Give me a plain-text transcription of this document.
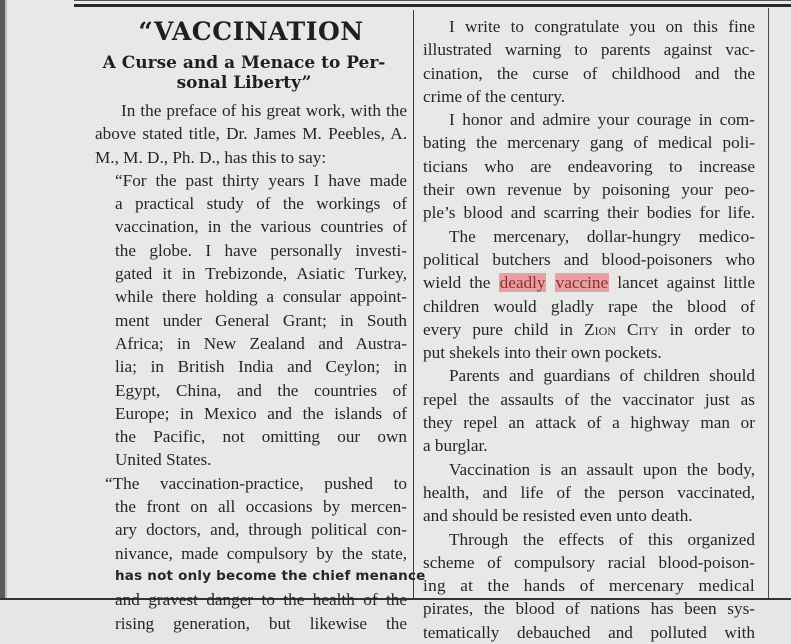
“VACCINATION
A Curse and a Menace to Per-
sonal Liberty”
In the preface of his great work, with the
above stated title, Dr. James M. Peebles, A.
M., M. D., Ph. D., has this to say:
“For the past thirty years I have made
a practical study of the workings of
vaccination, in the various countries of
the globe. I have personally investi-
gated it in Trebizonde, Asiatic Turkey,
while there holding a consular appoint-
ment under General Grant; in South
Africa; in New Zealand and Austra-
lia; in British India and Ceylon; in
Egypt, China, and the countries of
Europe; in Mexico and the islands of
the Pacific, not omitting our own
United States.
“The vaccination-practice, pushed to
the front on all occasions by mercen-
ary doctors, and, through political con-
nivance, made compulsory by the state,
has not only become the chief menance
and gravest danger to the health of the
rising generation, but likewise the
I write to congratulate you on this fine
illustrated warning to parents against vac-
cination, the curse of childhood and the
crime of the century.
I honor and admire your courage in com-
bating the mercenary gang of medical poli-
ticians who are endeavoring to increase
their own revenue by poisoning your peo-
ple’s blood and scarring their bodies for life.
The mercenary, dollar-hungry medico-
political butchers and blood-poisoners who
wield the deadly vaccine lancet against little
children would gladly rape the blood of
every pure child in Zion City in order to
put shekels into their own pockets.
Parents and guardians of children should
repel the assaults of the vaccinator just as
they repel an attack of a highway man or
a burglar.
Vaccination is an assault upon the body,
health, and life of the person vaccinated,
and should be resisted even unto death.
Through the effects of this organized
scheme of compulsory racial blood-poison-
ing at the hands of mercenary medical
pirates, the blood of nations has been sys-
tematically debauched and polluted with
